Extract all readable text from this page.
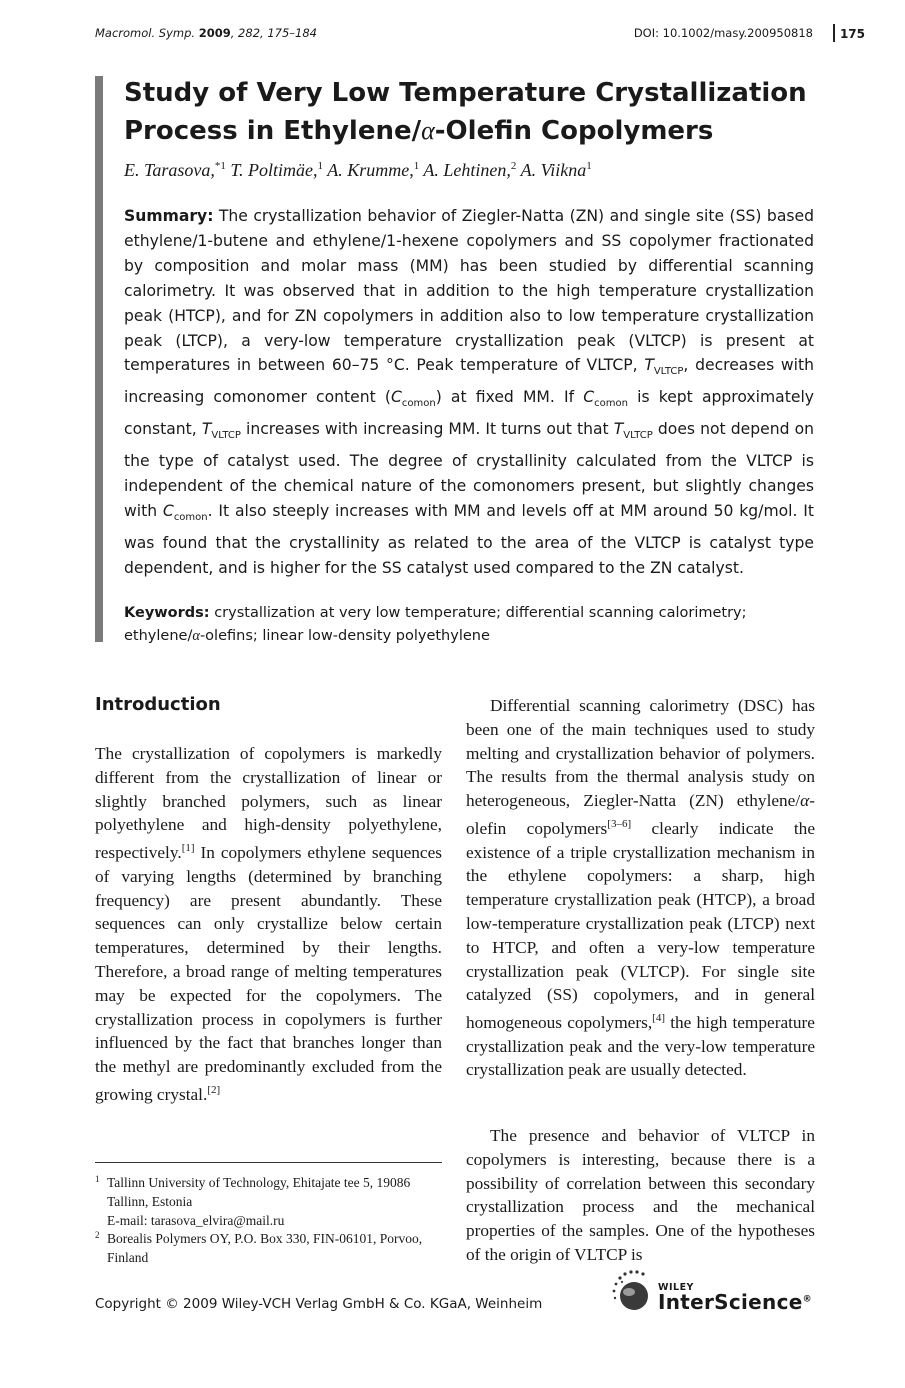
Macromol. Symp. 2009, 282, 175–184	DOI: 10.1002/masy.200950818	175
Study of Very Low Temperature Crystallization
Process in Ethylene/α-Olefin Copolymers
E. Tarasova,$^{*1}$ T. Poltimäe,$^1$ A. Krumme,$^1$ A. Lehtinen,$^2$ A. Viikna$^1$

Summary: The crystallization behavior of Ziegler-Natta (ZN) and single site (SS) based ethylene/1-butene and ethylene/1-hexene copolymers and SS copolymer fractionated by composition and molar mass (MM) has been studied by differential scanning calorimetry. It was observed that in addition to the high temperature crystallization peak (HTCP), and for ZN copolymers in addition also to low temperature crystallization peak (LTCP), a very-low temperature crystallization peak (VLTCP) is present at temperatures in between 60–75 °C. Peak temperature of VLTCP, $T_{VLTCP}$, decreases with increasing comonomer content $(C_{comon})$ at fixed MM. If $C_{comon}$ is kept approximately constant, $T_{VLTCP}$ increases with increasing MM. It turns out that $T_{VLTCP}$ does not depend on the type of catalyst used. The degree of crystallinity calculated from the VLTCP is independent of the chemical nature of the comonomers present, but slightly changes with $C_{comon}$. It also steeply increases with MM and levels off at MM around 50 kg/mol. It was found that the crystallinity as related to the area of the VLTCP is catalyst type dependent, and is higher for the SS catalyst used compared to the ZN catalyst.

Keywords: crystallization at very low temperature; differential scanning calorimetry; ethylene/α-olefins; linear low-density polyethylene

Introduction

The crystallization of copolymers is markedly different from the crystallization of linear or slightly branched polymers, such as linear polyethylene and high-density polyethylene, respectively.[1] In copolymers ethylene sequences of varying lengths (determined by branching frequency) are present abundantly. These sequences can only crystallize below certain temperatures, determined by their lengths. Therefore, a broad range of melting temperatures may be expected for the copolymers. The crystallization process in copolymers is further influenced by the fact that branches longer than the methyl are predominantly excluded from the growing crystal.[2]

Differential scanning calorimetry (DSC) has been one of the main techniques used to study melting and crystallization behavior of polymers. The results from the thermal analysis study on heterogeneous, Ziegler-Natta (ZN) ethylene/α-olefin copolymers[3–6] clearly indicate the existence of a triple crystallization mechanism in the ethylene copolymers: a sharp, high temperature crystallization peak (HTCP), a broad low-temperature crystallization peak (LTCP) next to HTCP, and often a very-low temperature crystallization peak (VLTCP). For single site catalyzed (SS) copolymers, and in general homogeneous copolymers,[4] the high temperature crystallization peak and the very-low temperature crystallization peak are usually detected.

The presence and behavior of VLTCP in copolymers is interesting, because there is a possibility of correlation between this secondary crystallization process and the mechanical properties of the samples. One of the hypotheses of the origin of VLTCP is

1 Tallinn University of Technology, Ehitajate tee 5, 19086 Tallinn, Estonia
E-mail: tarasova_elvira@mail.ru
2 Borealis Polymers OY, P.O. Box 330, FIN-06101, Porvoo, Finland
Copyright © 2009 Wiley-VCH Verlag GmbH & Co. KGaA, Weinheim
WILEY
InterScience®
